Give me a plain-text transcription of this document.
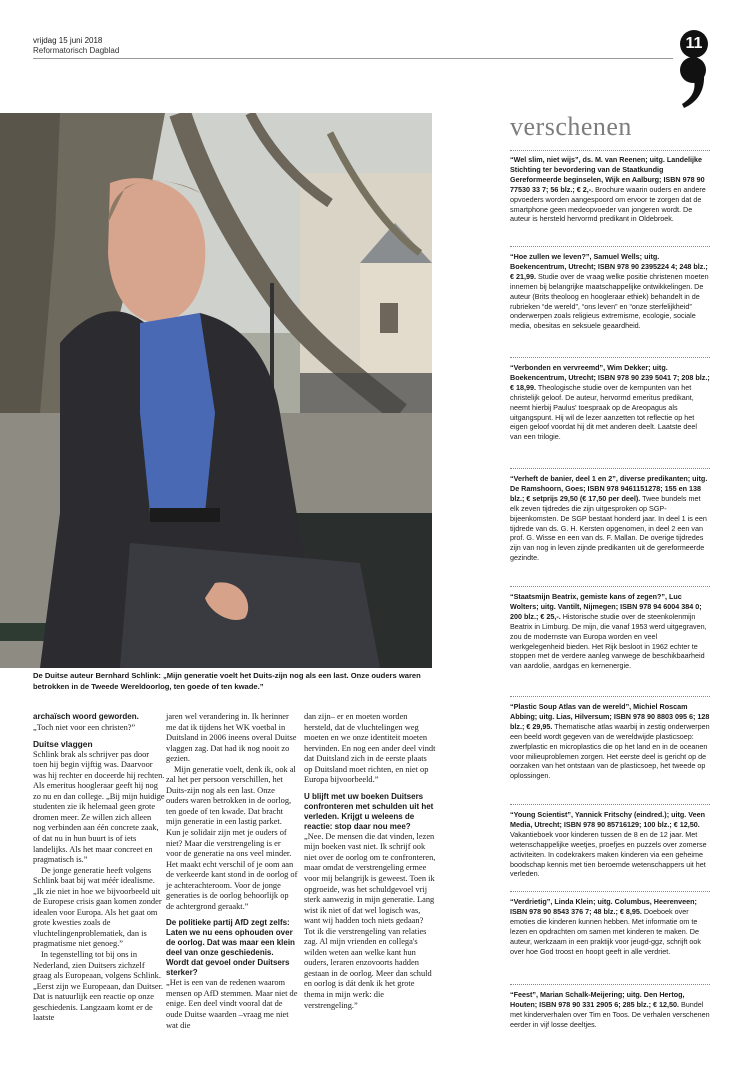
vrijdag 15 juni 2018
Reformatorisch Dagblad	11
De Duitse auteur Bernhard Schlink: „Mijn generatie voelt het Duits-zijn nog als een last. Onze ouders waren betrokken in de Tweede Wereldoorlog, ten goede of ten kwade.”

archaïsch woord geworden.

„Toch niet voor een christen?”

Duitse vlaggen

Schlink brak als schrijver pas door toen hij begin vijftig was. Daarvoor was hij rechter en doceerde hij rechten. Als emeritus hoogleraar geeft hij nog zo nu en dan college. „Bij mijn huidige studenten zie ik helemaal geen grote dromen meer. Ze willen zich alleen nog verbinden aan één concrete zaak, of dat nu in hun buurt is of iets landelijks. Als het maar concreet en pragmatisch is.”

De jonge generatie heeft volgens Schlink baat bij wat méér idealisme. „Ik zie niet in hoe we bijvoorbeeld uit de Europese crisis gaan komen zonder idealen voor Europa. Als het gaat om grote kwesties zoals de vluchtelingenproblematiek, dan is pragmatisme niet genoeg.”

In tegenstelling tot bij ons in Nederland, zien Duitsers zichzelf graag als Europeaan, volgens Schlink. „Eerst zijn we Europeaan, dan Duitser. Dat is natuurlijk een reactie op onze geschiedenis. Langzaam komt er de laatste

jaren wel verandering in. Ik herinner me dat ik tijdens het WK voetbal in Duitsland in 2006 ineens overal Duitse vlaggen zag. Dat had ik nog nooit zo gezien.

Mijn generatie voelt, denk ik, ook al zal het per persoon verschillen, het Duits-zijn nog als een last. Onze ouders waren betrokken in de oorlog, ten goede of ten kwade. Dat bracht mijn generatie in een lastig parket. Kun je solidair zijn met je ouders of niet? Maar die verstrengeling is er voor de generatie na ons veel minder. Het maakt echt verschil of je oom aan de verkeerde kant stond in de oorlog of je achterachteroom. Voor de jonge generaties is de oorlog behoorlijk op de achtergrond geraakt.”

De politieke partij AfD zegt zelfs: Laten we nu eens ophouden over de oorlog. Dat was maar een klein deel van onze geschiedenis. Wordt dat gevoel onder Duitsers sterker?

„Het is een van de redenen waarom mensen op AfD stemmen. Maar niet de enige. Een deel vindt vooral dat de oude Duitse waarden –vraag me niet wat die

dan zijn– er en moeten worden hersteld, dat de vluchtelingen weg moeten en we onze identiteit moeten hervinden. En nog een ander deel vindt dat Duitsland zich in de eerste plaats op Duitsland moet richten, en niet op Europa bijvoorbeeld.”

U blijft met uw boeken Duitsers confronteren met schulden uit het verleden. Krijgt u weleens de reactie: stop daar nou mee?

„Nee. De mensen die dat vinden, lezen mijn boeken vast niet. Ik schrijf ook niet over de oorlog om te confronteren, maar omdat de verstrengeling ermee voor mij belangrijk is geweest. Toen ik opgroeide, was het schuldgevoel vrij sterk aanwezig in mijn generatie. Lang wist ik niet of dat wel logisch was, want wij hadden toch niets gedaan? Tot ik die verstrengeling van relaties zag. Al mijn vrienden en collega's wilden weten aan welke kant hun ouders, leraren enzovoorts hadden gestaan in de oorlog. Meer dan schuld en oorlog is dát denk ik het grote thema in mijn werk: die verstrengeling.”

verschenen
“Wel slim, niet wijs”, ds. M. van Reenen; uitg. Landelijke Stichting ter bevordering van de Staatkundig Gereformeerde beginselen, Wijk en Aalburg; ISBN 978 90 77530 33 7; 56 blz.; € 2,-. Brochure waarin ouders en andere opvoeders worden aangespoord om ervoor te zorgen dat de smartphone geen medeopvoeder van jongeren wordt. De auteur is hersteld hervormd predikant in Oldebroek.
“Hoe zullen we leven?”, Samuel Wells; uitg. Boekencentrum, Utrecht; ISBN 978 90 2395224 4; 248 blz.; € 21,99. Studie over de vraag welke positie christenen moeten innemen bij belangrijke maatschappelijke ontwikkelingen. De auteur (Brits theoloog en hoogleraar ethiek) behandelt in de rubrieken “de wereld”, “ons leven” en “onze sterfelijkheid” onderwerpen zoals religieus extremisme, ecologie, sociale media, obesitas en seksuele geaardheid.
“Verbonden en vervreemd”, Wim Dekker; uitg. Boekencentrum, Utrecht; ISBN 978 90 239 5041 7; 208 blz.; € 18,99. Theologische studie over de kernpunten van het christelijk geloof. De auteur, hervormd emeritus predikant, neemt hierbij Paulus' toespraak op de Areopagus als uitgangspunt. Hij wil de lezer aanzetten tot reflectie op het eigen geloof voordat hij dit met anderen deelt. Laatste deel van een trilogie.
“Verheft de banier, deel 1 en 2”, diverse predikanten; uitg. De Ramshoorn, Goes; ISBN 978 9461151278; 155 en 138 blz.; € setprijs 29,50 (€ 17,50 per deel). Twee bundels met elk zeven tijdredes die zijn uitgesproken op SGP-bijeenkomsten. De SGP bestaat honderd jaar. In deel 1 is een tijdrede van ds. G. H. Kersten opgenomen, in deel 2 een van prof. G. Wisse en een van ds. F. Mallan. De overige tijdredes zijn van nog in leven zijnde predikanten uit de gereformeerde gezindte.
“Staatsmijn Beatrix, gemiste kans of zegen?”, Luc Wolters; uitg. Vantilt, Nijmegen; ISBN 978 94 6004 384 0; 200 blz.; € 25,-. Historische studie over de steenkolenmijn Beatrix in Limburg. De mijn, die vanaf 1953 werd uitgegraven, zou de modernste van Europa worden en veel werkgelegenheid bieden. Het Rijk besloot in 1962 echter te stoppen met de verdere aanleg vanwege de beschikbaarheid van aardolie, aardgas en kernenergie.
“Plastic Soup Atlas van de wereld”, Michiel Roscam Abbing; uitg. Lias, Hilversum; ISBN 978 90 8803 095 6; 128 blz.; € 29,95. Thematische atlas waarbij in zestig onderwerpen een beeld wordt gegeven van de wereldwijde plasticsoep: zwerfplastic en microplastics die op het land en in de oceanen voor milieuproblemen zorgen. Het eerste deel is gericht op de oorzaken van het ontstaan van de plasticsoep, het tweede op oplossingen.
“Young Scientist”, Yannick Fritschy (eindred.); uitg. Veen Media, Utrecht; ISBN 978 90 85716129; 100 blz.; € 12,50. Vakantieboek voor kinderen tussen de 8 en de 12 jaar. Met wetenschappelijke weetjes, proefjes en puzzels over zomerse activiteiten. In codekrakers maken kinderen via een geheime boodschap kennis met tien beroemde wetenschappers uit het verleden.
“Verdrietig”, Linda Klein; uitg. Columbus, Heerenveen; ISBN 978 90 8543 376 7; 48 blz.; € 8,95. Doeboek over emoties die kinderen kunnen hebben. Met informatie om te lezen en opdrachten om samen met kinderen te maken. De auteur, werkzaam in een praktijk voor jeugd-ggz, schrijft ook over hoe God troost en hoopt geeft in alle verdriet.
“Feest”, Marian Schalk-Meijering; uitg. Den Hertog, Houten; ISBN 978 90 331 2905 6; 285 blz.; € 12,50. Bundel met kinderverhalen over Tim en Toos. De verhalen verschenen eerder in vijf losse deeltjes.
